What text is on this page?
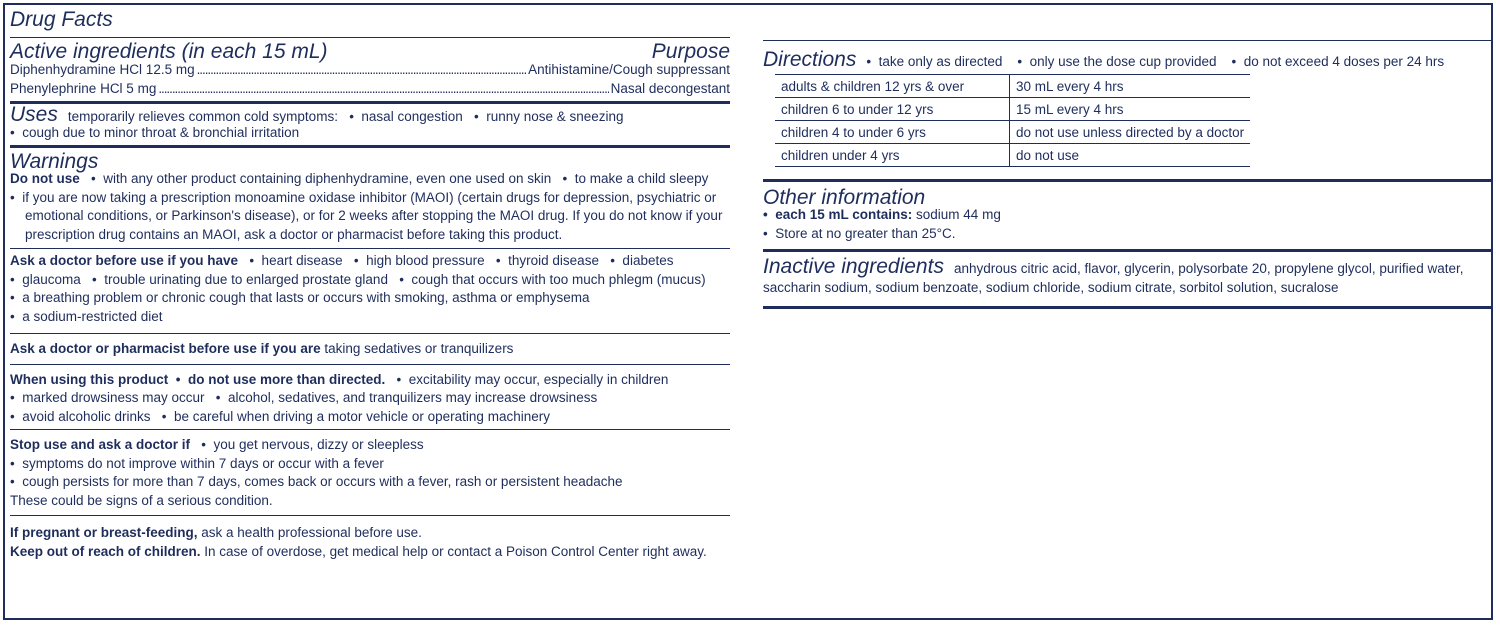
Drug Facts
Active ingredients (in each 15 mL)	Purpose
Diphenhydramine HCl 12.5 mg . . .	Antihistamine/Cough suppressant
Phenylephrine HCl 5 mg . . .	Nasal decongestant
Uses temporarily relieves common cold symptoms:   •  nasal congestion   •  runny nose & sneezing
•  cough due to minor throat & bronchial irritation
Warnings
Do not use   •  with any other product containing diphenhydramine, even one used on skin   •  to make a child sleepy
•  if you are now taking a prescription monoamine oxidase inhibitor (MAOI) (certain drugs for depression, psychiatric or
emotional conditions, or Parkinson's disease), or for 2 weeks after stopping the MAOI drug. If you do not know if your
prescription drug contains an MAOI, ask a doctor or pharmacist before taking this product.
Ask a doctor before use if you have   •  heart disease   •  high blood pressure   •  thyroid disease   •  diabetes
•  glaucoma   •  trouble urinating due to enlarged prostate gland   •  cough that occurs with too much phlegm (mucus)
•  a breathing problem or chronic cough that lasts or occurs with smoking, asthma or emphysema
•  a sodium-restricted diet
Ask a doctor or pharmacist before use if you are taking sedatives or tranquilizers
When using this product  •  do not use more than directed.   •  excitability may occur, especially in children
•  marked drowsiness may occur   •  alcohol, sedatives, and tranquilizers may increase drowsiness
•  avoid alcoholic drinks   •  be careful when driving a motor vehicle or operating machinery
Stop use and ask a doctor if   •  you get nervous, dizzy or sleepless
•  symptoms do not improve within 7 days or occur with a fever
•  cough persists for more than 7 days, comes back or occurs with a fever, rash or persistent headache
These could be signs of a serious condition.
If pregnant or breast-feeding, ask a health professional before use.
Keep out of reach of children. In case of overdose, get medical help or contact a Poison Control Center right away.
Directions •  take only as directed    •  only use the dose cup provided    •  do not exceed 4 doses per 24 hrs
adults & children 12 yrs & over	30 mL every 4 hrs
children 6 to under 12 yrs	15 mL every 4 hrs
children 4 to under 6 yrs	do not use unless directed by a doctor
children under 4 yrs	do not use
Other information
•  each 15 mL contains: sodium 44 mg
•  Store at no greater than 25°C.
Inactive ingredients anhydrous citric acid, flavor, glycerin, polysorbate 20, propylene glycol, purified water,
saccharin sodium, sodium benzoate, sodium chloride, sodium citrate, sorbitol solution, sucralose
